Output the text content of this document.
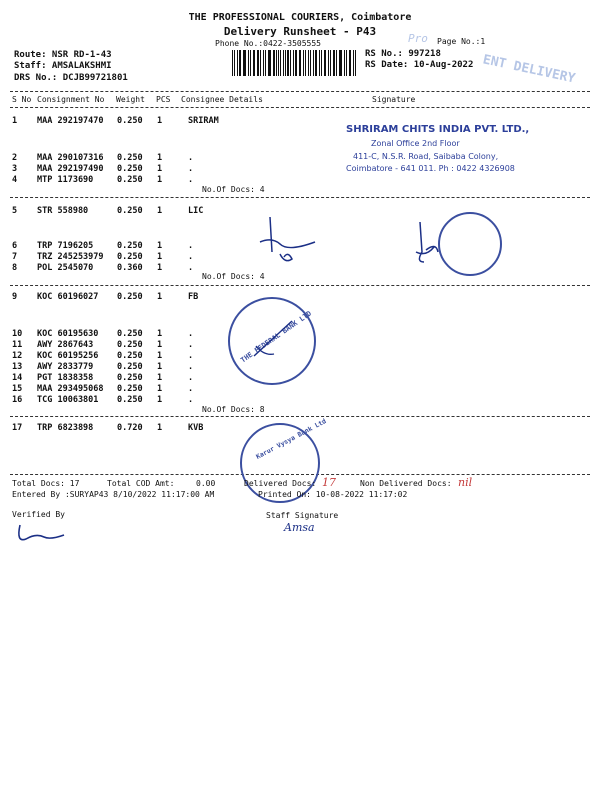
THE PROFESSIONAL COURIERS, Coimbatore
Delivery Runsheet - P43
Phone No.:0422-3505555	Page No.:1
Route: NSR RD-1-43
Staff: AMSALAKSHMI
DRS No.: DCJB99721801
RS No.: 997218
RS Date: 10-Aug-2022
Pro
ENT DELIVERY
S No Consignment No Weight PCS Consignee Details	Signature
1 MAA 292197470 0.250 1	SRIRAM
2 MAA 290107316 0.250 1	.
3 MAA 292197490 0.250 1	.
4 MTP 1173690	0.250 1	.
No.Of Docs: 4
5 STR 558980	0.250 1	LIC
6 TRP 7196205	0.250 1	.
7 TRZ 245253979 0.250 1	.
8 POL 2545070	0.360 1	.
No.Of Docs: 4
9 KOC 60196027 0.250 1	FB
10 KOC 60195630 0.250 1	.
11 AWY 2867643	0.250 1	.
12 KOC 60195256 0.250 1	.
13 AWY 2833779	0.250 1	.
14 PGT 1838358	0.250 1	.
15 MAA 293495068 0.250 1	.
16 TCG 10063801 0.250 1	.
No.Of Docs: 8
17 TRP 6823898	0.720 1	KVB
SHRIRAM CHITS INDIA PVT. LTD.,
Zonal Office 2nd Floor
411-C, N.S.R. Road, Saibaba Colony,
Coimbatore - 641 011. Ph : 0422 4326908
THE FEDERAL BANK LTD
Karur Vysya Bank Ltd
Total Docs: 17	Total COD Amt:	0.00	Delivered Docs: 17	Non Delivered Docs: nil
Entered By :SURYAP43 8/10/2022 11:17:00 AM	Printed On: 10-08-2022 11:17:02
Verified By	Staff Signature
Amsa
